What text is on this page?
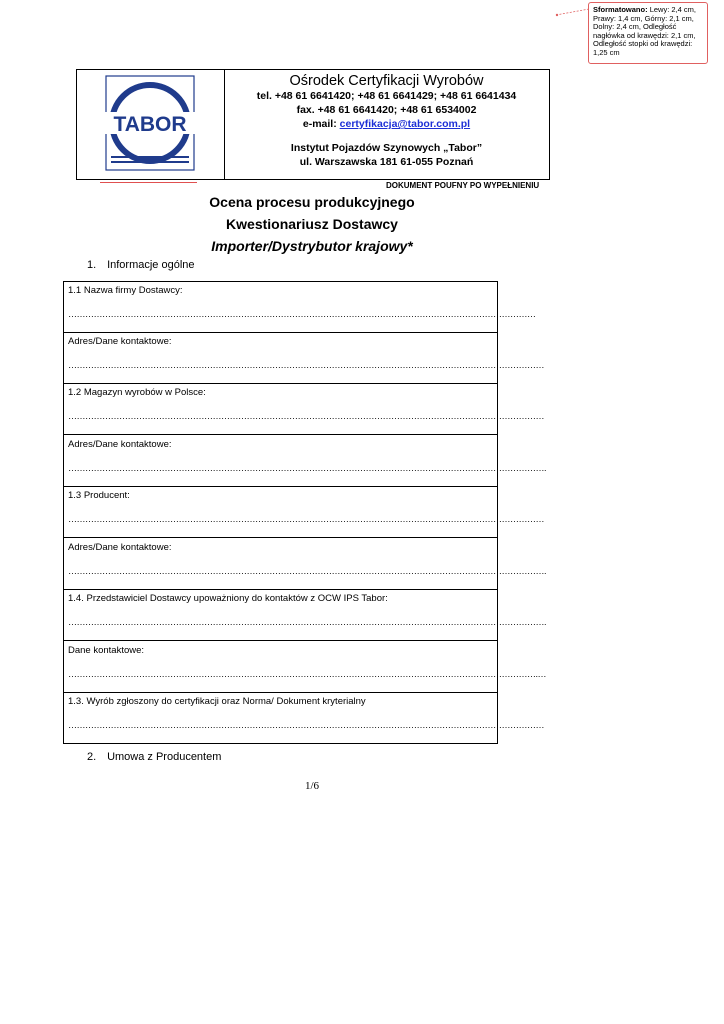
Sformatowano: Lewy: 2,4 cm, Prawy: 1,4 cm, Górny: 2,1 cm, Dolny: 2,4 cm, Odległość nagłówka od krawędzi: 2,1 cm, Odległość stopki od krawędzi: 1,25 cm
TABOR
Ośrodek Certyfikacji Wyrobów
tel. +48 61 6641420; +48 61 6641429; +48 61 6641434
fax. +48 61 6641420; +48 61 6534002
e-mail: certyfikacja@tabor.com.pl
Instytut Pojazdów Szynowych „Tabor”
ul. Warszawska 181 61-055 Poznań
DOKUMENT POUFNY PO WYPEŁNIENIU
Ocena procesu produkcyjnego
Kwestionariusz Dostawcy
Importer/Dystrybutor krajowy*
1. Informacje ogólne
1.1 Nazwa firmy Dostawcy:
…………………………………………………………………………………………………………………………………………………
Adres/Dane kontaktowe:
……………………………………………………………………………………………………………………………………………………
1.2 Magazyn wyrobów w Polsce:
……………………………………………………………………………………………………………………………………………………
Adres/Dane kontaktowe:
…………………………………………………………………………………………………………………………………………………….
1.3 Producent:
……………………………………………………………………………………………………………………………………………………
Adres/Dane kontaktowe:
…………………………………………………………………………………………………………………………………………………….
1.4. Przedstawiciel Dostawcy upoważniony do kontaktów z OCW IPS Tabor:
…………………………………………………………………………………………………………………………………………………….
Dane kontaktowe:
………………………………………………………………………………………………………………………………………………….…
1.3. Wyrób zgłoszony do certyfikacji oraz Norma/ Dokument kryterialny
……………………………………………………………………………………………………………………………………………………
2. Umowa z Producentem
1/6
